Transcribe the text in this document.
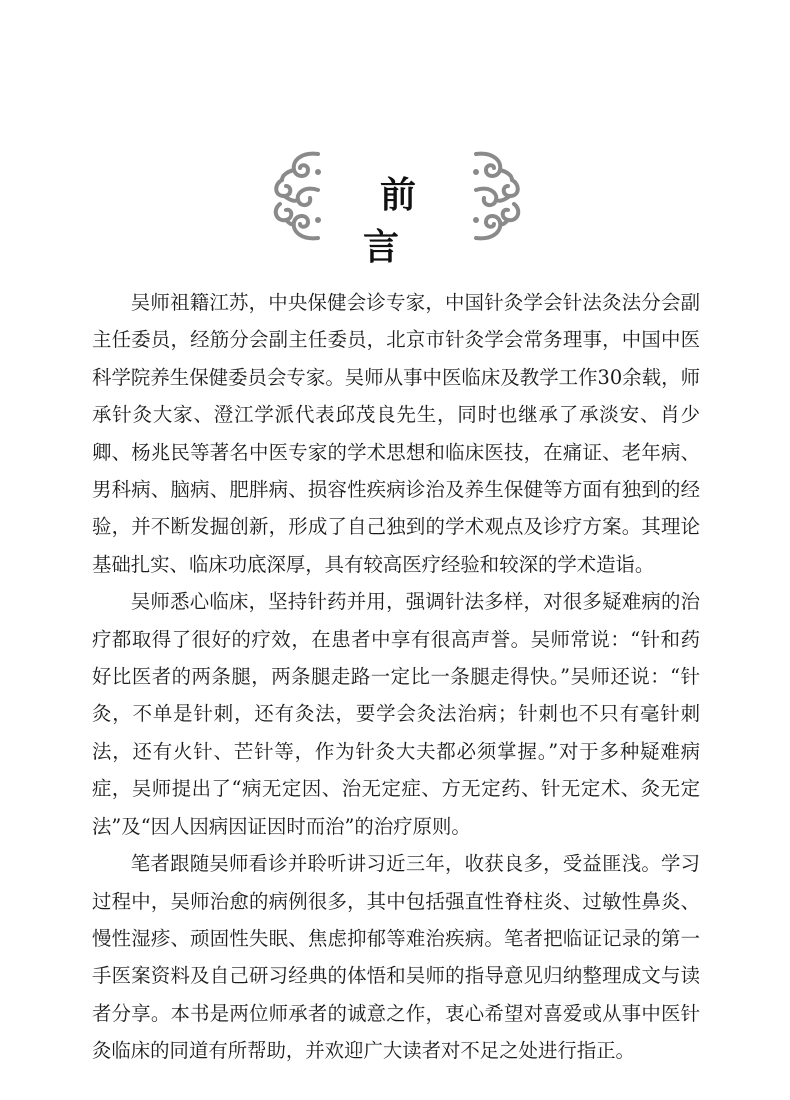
前 言

吴师祖籍江苏，中央保健会诊专家，中国针灸学会针法灸法分会副主任委员，经筋分会副主任委员，北京市针灸学会常务理事，中国中医科学院养生保健委员会专家。吴师从事中医临床及教学工作30余载，师承针灸大家、澄江学派代表邱茂良先生，同时也继承了承淡安、肖少卿、杨兆民等著名中医专家的学术思想和临床医技，在痛证、老年病、男科病、脑病、肥胖病、损容性疾病诊治及养生保健等方面有独到的经验，并不断发掘创新，形成了自己独到的学术观点及诊疗方案。其理论基础扎实、临床功底深厚，具有较高医疗经验和较深的学术造诣。

吴师悉心临床，坚持针药并用，强调针法多样，对很多疑难病的治疗都取得了很好的疗效，在患者中享有很高声誉。吴师常说：“针和药好比医者的两条腿，两条腿走路一定比一条腿走得快。”吴师还说：“针灸，不单是针刺，还有灸法，要学会灸法治病；针刺也不只有毫针刺法，还有火针、芒针等，作为针灸大夫都必须掌握。”对于多种疑难病症，吴师提出了“病无定因、治无定症、方无定药、针无定术、灸无定法”及“因人因病因证因时而治”的治疗原则。

笔者跟随吴师看诊并聆听讲习近三年，收获良多，受益匪浅。学习过程中，吴师治愈的病例很多，其中包括强直性脊柱炎、过敏性鼻炎、慢性湿疹、顽固性失眠、焦虑抑郁等难治疾病。笔者把临证记录的第一手医案资料及自己研习经典的体悟和吴师的指导意见归纳整理成文与读者分享。本书是两位师承者的诚意之作，衷心希望对喜爱或从事中医针灸临床的同道有所帮助，并欢迎广大读者对不足之处进行指正。
